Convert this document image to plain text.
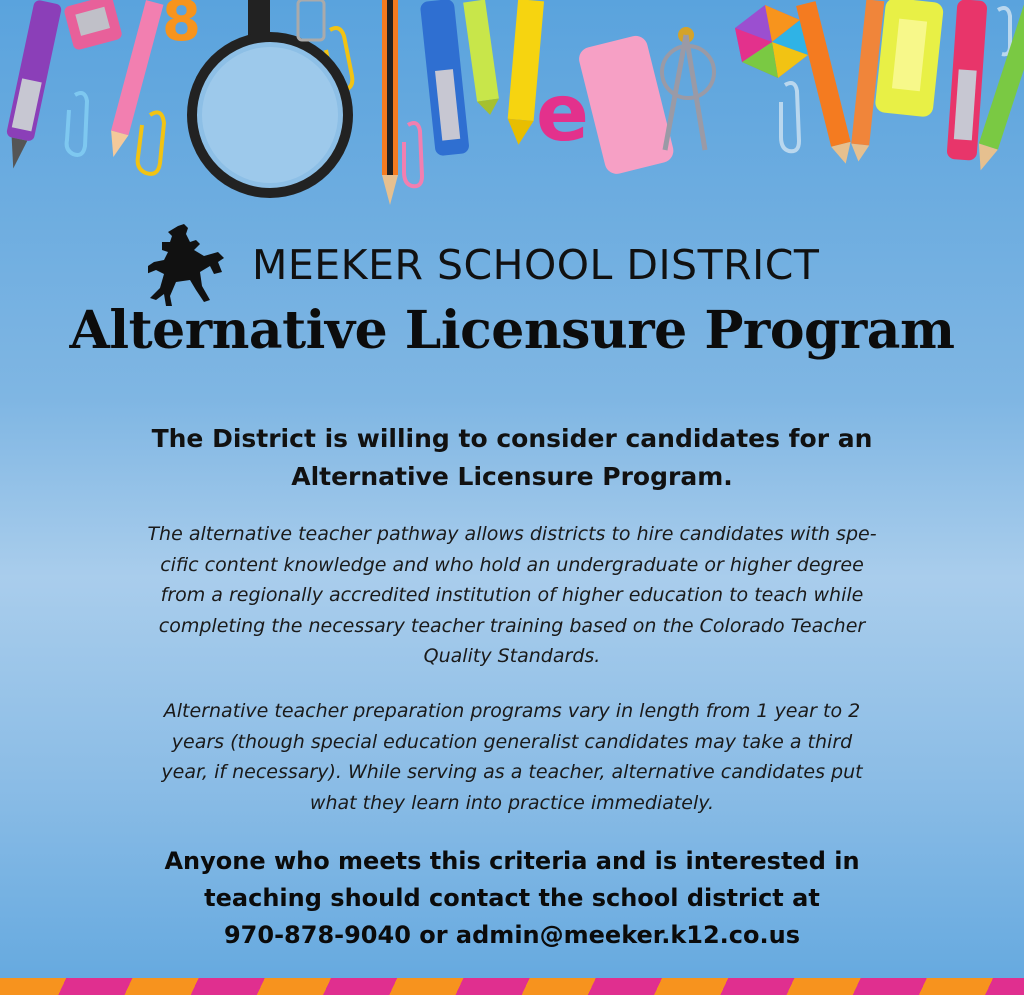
8
e
MEEKER SCHOOL DISTRICT
Alternative Licensure Program
The District is willing to consider candidates for an
Alternative Licensure Program.
The alternative teacher pathway allows districts to hire candidates with spe-
cific content knowledge and who hold an undergraduate or higher degree
from a regionally accredited institution of higher education to teach while
completing the necessary teacher training based on the Colorado Teacher
Quality Standards.
Alternative teacher preparation programs vary in length from 1 year to 2
years (though special education generalist candidates may take a third
year, if necessary). While serving as a teacher, alternative candidates put
what they learn into practice immediately.
Anyone who meets this criteria and is interested in
teaching should contact the school district at
970-878-9040 or admin@meeker.k12.co.us
